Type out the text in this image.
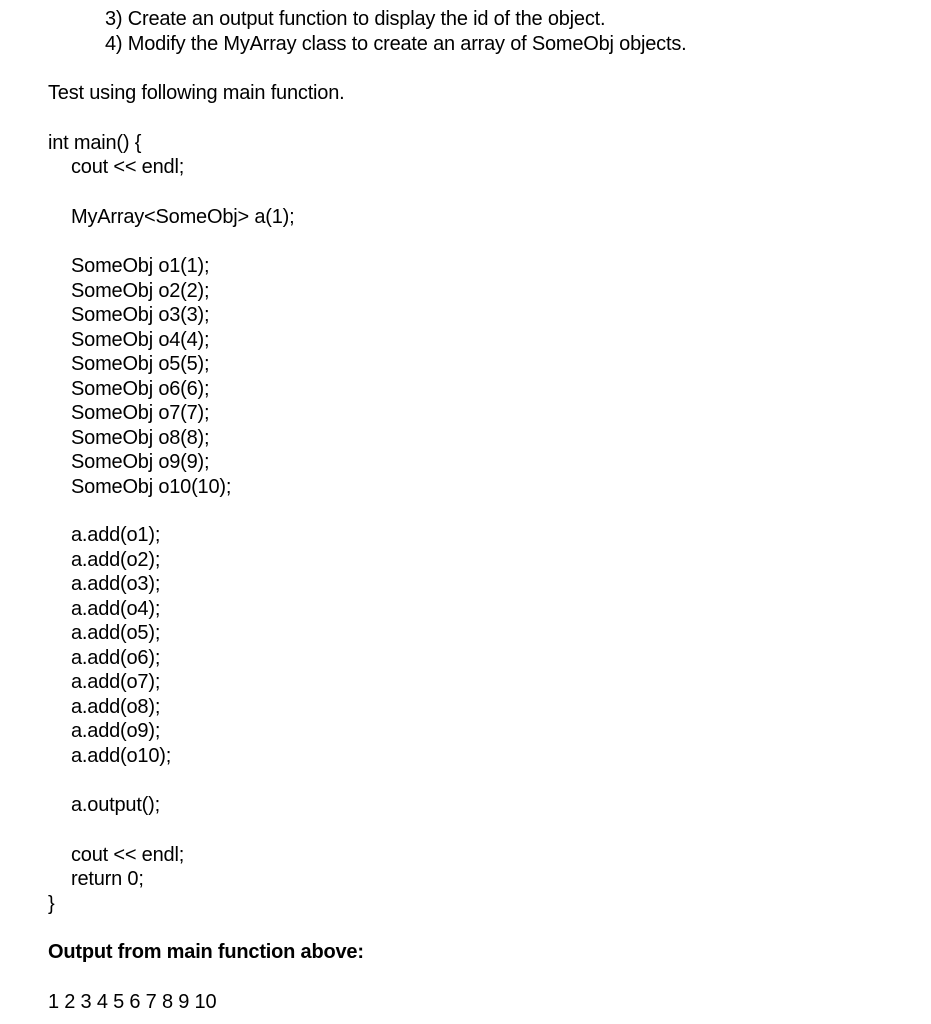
3) Create an output function to display the id of the object.
4) Modify the MyArray class to create an array of SomeObj objects.
Test using following main function.
int main() {
cout << endl;
MyArray<SomeObj> a(1);
SomeObj o1(1);
SomeObj o2(2);
SomeObj o3(3);
SomeObj o4(4);
SomeObj o5(5);
SomeObj o6(6);
SomeObj o7(7);
SomeObj o8(8);
SomeObj o9(9);
SomeObj o10(10);
a.add(o1);
a.add(o2);
a.add(o3);
a.add(o4);
a.add(o5);
a.add(o6);
a.add(o7);
a.add(o8);
a.add(o9);
a.add(o10);
a.output();
cout << endl;
return 0;
}
Output from main function above:
1 2 3 4 5 6 7 8 9 10
